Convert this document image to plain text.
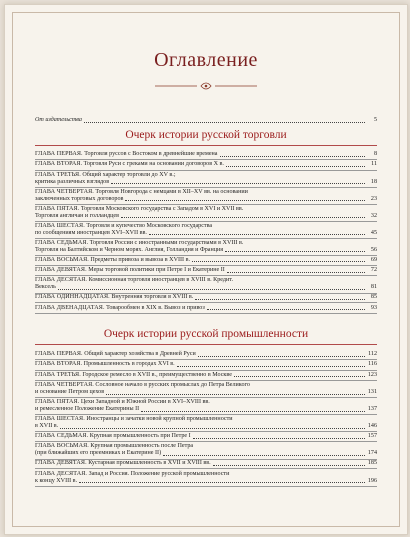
Оглавление
От издательства	5
Очерк истории русской торговли
ГЛАВА ПЕРВАЯ. Торговля руссов с Востоком в древнейшие времена	8
ГЛАВА ВТОРАЯ. Торговля Руси с греками на основании договоров Х в.	11
ГЛАВА ТРЕТЬЯ. Общий характер торговли до XV в.;
критика различных взглядов	18
ГЛАВА ЧЕТВЕРТАЯ. Торговля Новгорода с немцами в XII–XV вв. на основании
заключенных торговых договоров	23
ГЛАВА ПЯТАЯ. Торговля Московского государства с Западом в XVI и XVII вв.
Торговля англичан и голландцев	32
ГЛАВА ШЕСТАЯ. Торговля и купечество Московского государства
по сообщениям иностранцев XVI–XVII вв.	45
ГЛАВА СЕДЬМАЯ. Торговля России с иностранными государствами в XVIII в.
Торговля на Балтийском и Черном морях. Англия, Голландия и Франция	56
ГЛАВА ВОСЬМАЯ. Предметы привоза и вывоза в XVIII в.	69
ГЛАВА ДЕВЯТАЯ. Меры торговой политики при Петре I и Екатерине II	72
ГЛАВА ДЕСЯТАЯ. Комиссионная торговля иностранцев в XVIII в. Кредит.
Вексель	81
ГЛАВА ОДИННАДЦАТАЯ. Внутренняя торговля в XVIII в.	85
ГЛАВА ДВЕНАДЦАТАЯ. Товарообмен в XIX в. Вывоз и привоз	93
Очерк истории русской промышленности
ГЛАВА ПЕРВАЯ. Общий характер хозяйства в Древней Руси	112
ГЛАВА ВТОРАЯ. Промышленность в городах XVI в.	116
ГЛАВА ТРЕТЬЯ. Городское ремесло в XVII в., преимущественно в Москве	123
ГЛАВА ЧЕТВЕРТАЯ. Сословное начало в русских промыслах до Петра Великого
и основание Петром цехов	131
ГЛАВА ПЯТАЯ. Цехи Западной и Южной России в XVI–XVIII вв.
и ремесленное Положение Екатерины II	137
ГЛАВА ШЕСТАЯ. Иностранцы и зачатки новой крупной промышленности
в XVII в.	146
ГЛАВА СЕДЬМАЯ. Крупная промышленность при Петре I	157
ГЛАВА ВОСЬМАЯ. Крупная промышленность после Петра
(при ближайших его преемниках и Екатерине II)	174
ГЛАВА ДЕВЯТАЯ. Кустарная промышленность в XVII и XVIII вв.	185
ГЛАВА ДЕСЯТАЯ. Запад и Россия. Положение русской промышленности
к концу XVIII в.	196
